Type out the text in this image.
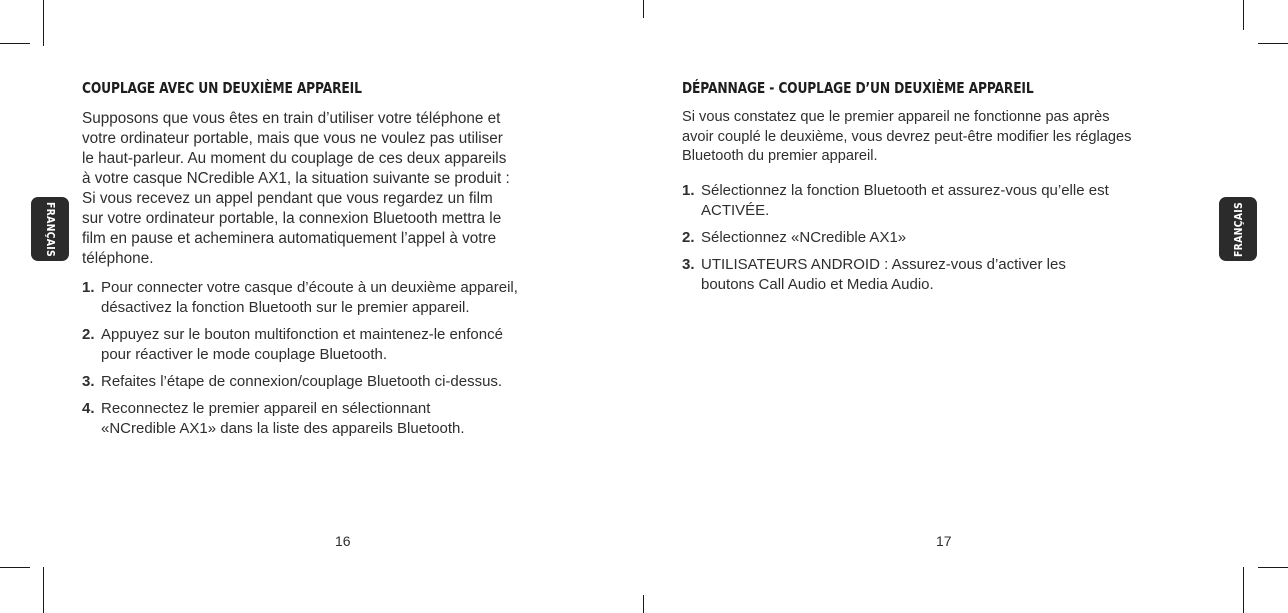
FRANÇAIS	FRANÇAIS
COUPLAGE AVEC UN DEUXIÈME APPAREIL

Supposons que vous êtes en train d’utiliser votre téléphone et
votre ordinateur portable, mais que vous ne voulez pas utiliser
le haut-parleur. Au moment du couplage de ces deux appareils
à votre casque NCredible AX1, la situation suivante se produit :
Si vous recevez un appel pendant que vous regardez un film
sur votre ordinateur portable, la connexion Bluetooth mettra le
film en pause et acheminera automatiquement l’appel à votre
téléphone.

1. Pour connecter votre casque d’écoute à un deuxième appareil,
désactivez la fonction Bluetooth sur le premier appareil.
2. Appuyez sur le bouton multifonction et maintenez-le enfoncé
pour réactiver le mode couplage Bluetooth.
3. Refaites l’étape de connexion/couplage Bluetooth ci-dessus.
4. Reconnectez le premier appareil en sélectionnant
«NCredible AX1» dans la liste des appareils Bluetooth.
16
DÉPANNAGE - COUPLAGE D’UN DEUXIÈME APPAREIL

Si vous constatez que le premier appareil ne fonctionne pas après
avoir couplé le deuxième, vous devrez peut-être modifier les réglages
Bluetooth du premier appareil.

1. Sélectionnez la fonction Bluetooth et assurez-vous qu’elle est
ACTIVÉE.
2. Sélectionnez «NCredible AX1»
3. UTILISATEURS ANDROID : Assurez-vous d’activer les
boutons Call Audio et Media Audio.
17
